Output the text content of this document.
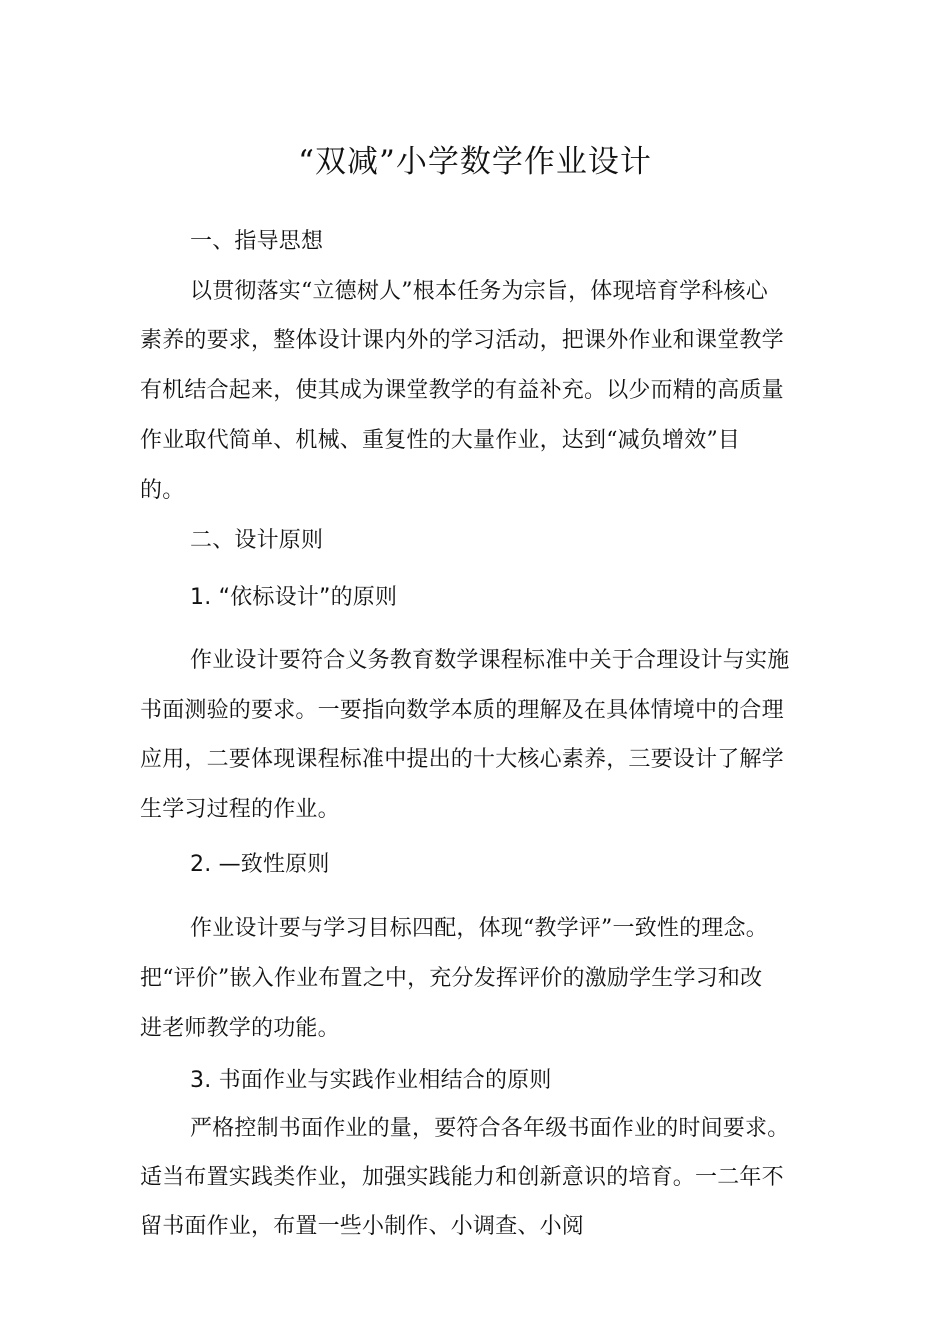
“双减”小学数学作业设计
一、指导思想
以贯彻落实“立德树人”根本任务为宗旨，体现培育学科核心
素养的要求，整体设计课内外的学习活动，把课外作业和课堂教学
有机结合起来，使其成为课堂教学的有益补充。以少而精的高质量
作业取代简单、机械、重复性的大量作业，达到“减负增效”目
的。
二、设计原则
1. “依标设计”的原则
作业设计要符合义务教育数学课程标准中关于合理设计与实施
书面测验的要求。一要指向数学本质的理解及在具体情境中的合理
应用，二要体现课程标准中提出的十大核心素养，三要设计了解学
生学习过程的作业。
2. —致性原则
作业设计要与学习目标四配，体现“教学评”一致性的理念。
把“评价”嵌入作业布置之中，充分发挥评价的激励学生学习和改
进老师教学的功能。
3. 书面作业与实践作业相结合的原则
严格控制书面作业的量，要符合各年级书面作业的时间要求。
适当布置实践类作业，加强实践能力和创新意识的培育。一二年不
留书面作业，布置一些小制作、小调查、小阅
